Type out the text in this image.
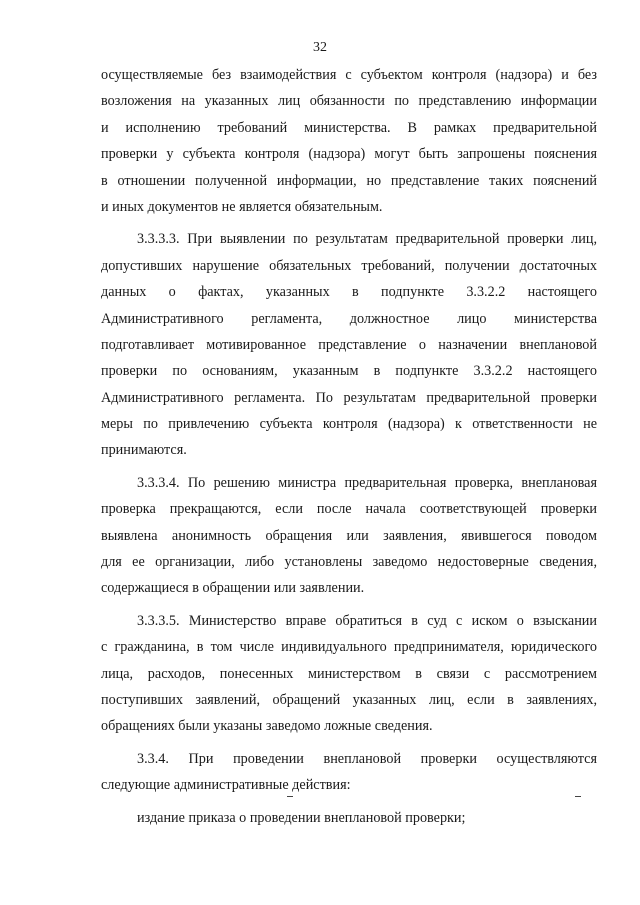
32
осуществляемые без взаимодействия с субъектом контроля (надзора) и без
возложения на указанных лиц обязанности по представлению информации
и исполнению требований министерства. В рамках предварительной
проверки у субъекта контроля (надзора) могут быть запрошены пояснения
в отношении полученной информации, но представление таких пояснений
и иных документов не является обязательным.
3.3.3.3. При выявлении по результатам предварительной проверки лиц,
допустивших нарушение обязательных требований, получении достаточных
данных о фактах, указанных в подпункте 3.3.2.2 настоящего
Административного регламента, должностное лицо министерства
подготавливает мотивированное представление о назначении внеплановой
проверки по основаниям, указанным в подпункте 3.3.2.2 настоящего
Административного регламента. По результатам предварительной проверки
меры по привлечению субъекта контроля (надзора) к ответственности не
принимаются.
3.3.3.4. По решению министра предварительная проверка, внеплановая
проверка прекращаются, если после начала соответствующей проверки
выявлена анонимность обращения или заявления, явившегося поводом
для ее организации, либо установлены заведомо недостоверные сведения,
содержащиеся в обращении или заявлении.
3.3.3.5. Министерство вправе обратиться в суд с иском о взыскании
с гражданина, в том числе индивидуального предпринимателя, юридического
лица, расходов, понесенных министерством в связи с рассмотрением
поступивших заявлений, обращений указанных лиц, если в заявлениях,
обращениях были указаны заведомо ложные сведения.
3.3.4. При проведении внеплановой проверки осуществляются
следующие административные действия:
издание приказа о проведении внеплановой проверки;
